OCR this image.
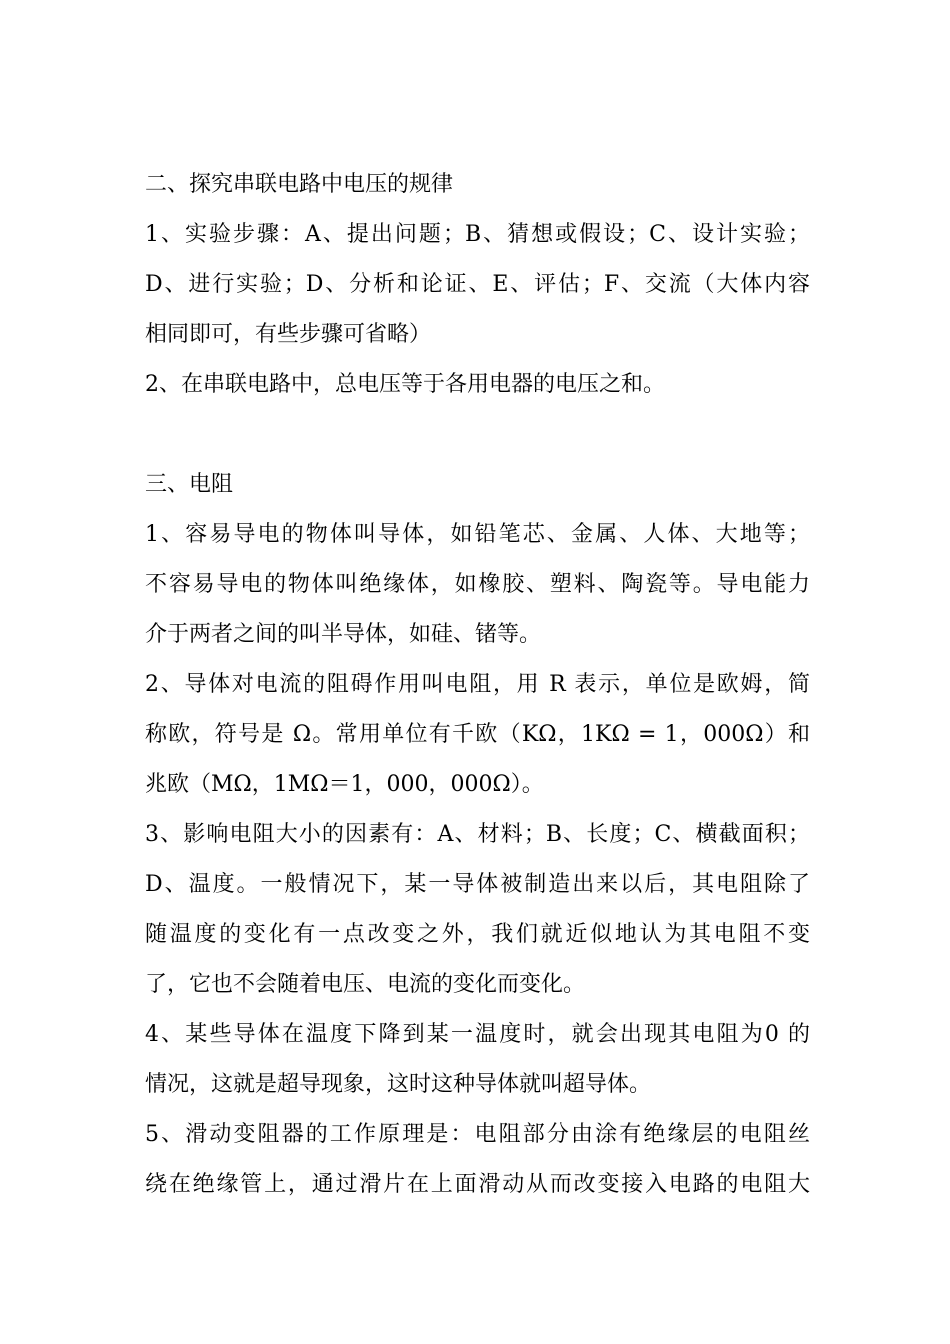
二、探究串联电路中电压的规律
1、实验步骤：A、提出问题；B、猜想或假设；C、设计实验；
D、进行实验；D、分析和论证、E、评估；F、交流（大体内容
相同即可，有些步骤可省略）
2、在串联电路中，总电压等于各用电器的电压之和。
三、电阻
1、容易导电的物体叫导体，如铅笔芯、金属、人体、大地等；
不容易导电的物体叫绝缘体，如橡胶、塑料、陶瓷等。导电能力
介于两者之间的叫半导体，如硅、锗等。
2、导体对电流的阻碍作用叫电阻，用 R 表示，单位是欧姆，简
称欧，符号是 Ω。常用单位有千欧（KΩ，1KΩ = 1，000Ω）和
兆欧（MΩ，1MΩ＝1，000，000Ω）。
3、影响电阻大小的因素有：A、材料；B、长度；C、横截面积；
D、温度。一般情况下，某一导体被制造出来以后，其电阻除了
随温度的变化有一点改变之外，我们就近似地认为其电阻不变
了，它也不会随着电压、电流的变化而变化。
4、某些导体在温度下降到某一温度时，就会出现其电阻为0 的
情况，这就是超导现象，这时这种导体就叫超导体。
5、滑动变阻器的工作原理是：电阻部分由涂有绝缘层的电阻丝
绕在绝缘管上，通过滑片在上面滑动从而改变接入电路的电阻大
